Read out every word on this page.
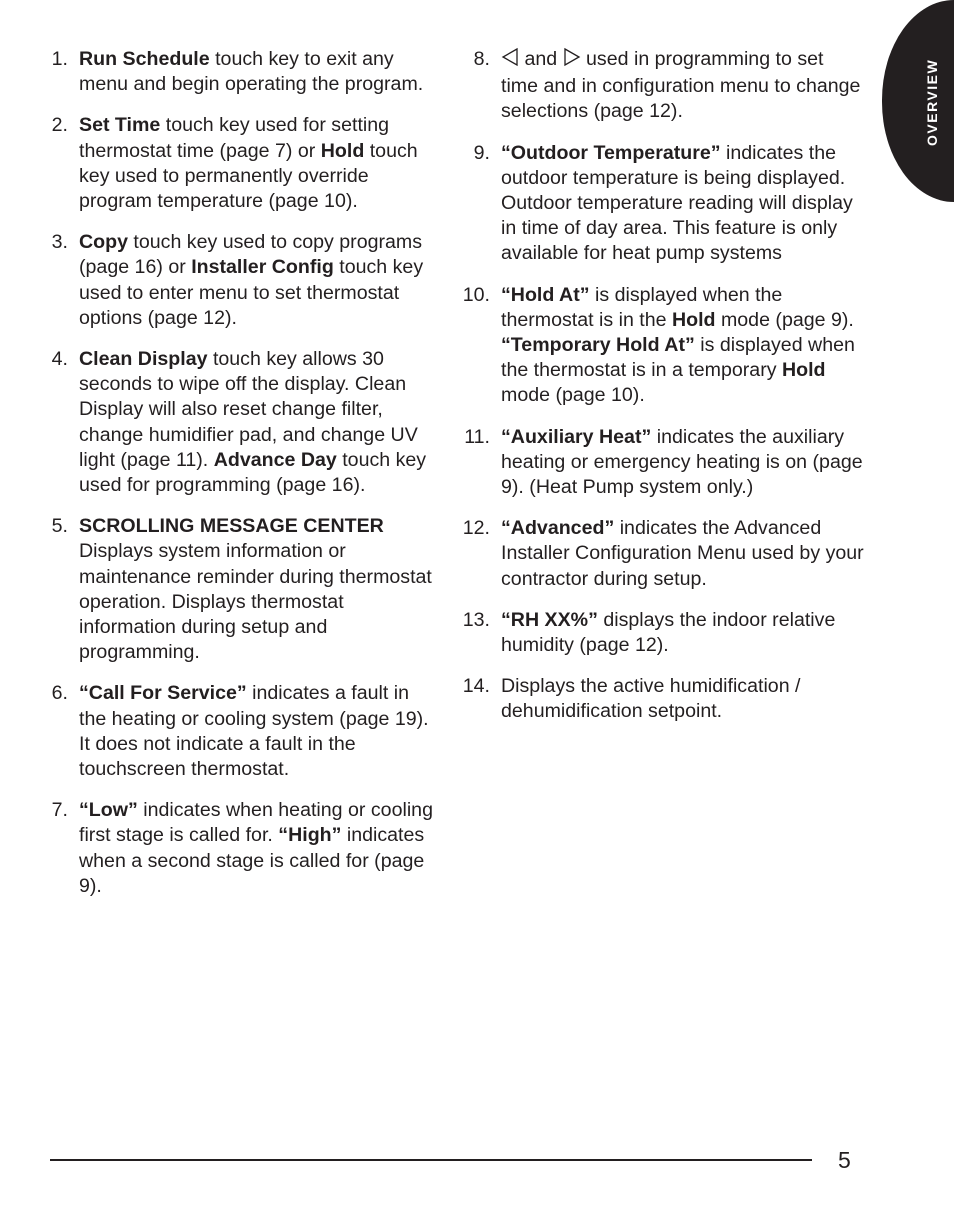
OVERVIEW
1. Run Schedule touch key to exit any menu and begin operating the program.
2. Set Time touch key used for setting thermostat time (page 7) or Hold touch key used to permanently override program temperature (page 10).
3. Copy touch key used to copy programs (page 16) or Installer Config touch key used to enter menu to set thermostat options (page 12).
4. Clean Display touch key allows 30 seconds to wipe off the display. Clean Display will also reset change filter, change humidifier pad, and change UV light (page 11). Advance Day touch key used for programming (page 16).
5. SCROLLING MESSAGE CENTER Displays system information or maintenance reminder during thermostat operation. Displays thermostat information during setup and programming.
6. “Call For Service” indicates a fault in the heating or cooling system (page 19). It does not indicate a fault in the touchscreen thermostat.
7. “Low” indicates when heating or cooling first stage is called for. “High” indicates when a second stage is called for (page 9).
8.	and  used in programming to set time and in configuration menu to change selections (page 12).
9. “Outdoor Temperature” indicates the outdoor temperature is being displayed. Outdoor temperature reading will display in time of day area. This feature is only available for heat pump systems
10. “Hold At” is displayed when the thermostat is in the Hold mode (page 9). “Temporary Hold At” is displayed when the thermostat is in a temporary Hold mode (page 10).
11. “Auxiliary Heat” indicates the auxiliary heating or emergency heating is on (page 9). (Heat Pump system only.)
12. “Advanced” indicates the Advanced Installer Configuration Menu used by your contractor during setup.
13. “RH XX%” displays the indoor relative humidity (page 12).
14. Displays the active humidification / dehumidification setpoint.
5
